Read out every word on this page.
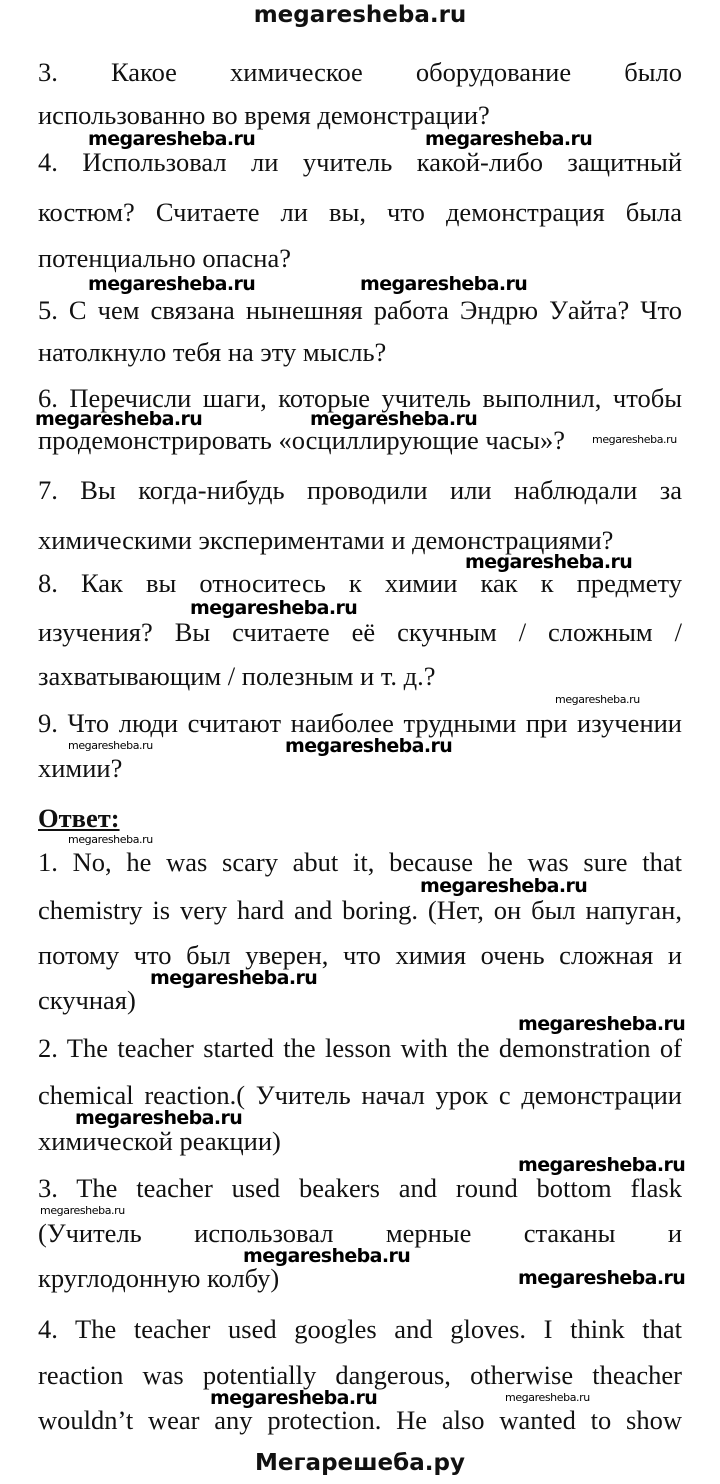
megaresheba.ru
3. Какое химическое оборудование было
использованно во время демонстрации?
4. Использовал ли учитель какой-либо защитный
костюм? Считаете ли вы, что демонстрация была
потенциально опасна?
5. С чем связана нынешняя работа Эндрю Уайта? Что
натолкнуло тебя на эту мысль?
6. Перечисли шаги, которые учитель выполнил, чтобы
продемонстрировать «осциллирующие часы»?
7. Вы когда-нибудь проводили или наблюдали за
химическими экспериментами и демонстрациями?
8. Как вы относитесь к химии как к предмету
изучения? Вы считаете её скучным / сложным /
захватывающим / полезным и т. д.?
9. Что люди считают наиболее трудными при изучении
химии?
Ответ:
1. No, he was scary abut it, because he was sure that
chemistry is very hard and boring. (Нет, он был напуган,
потому что был уверен, что химия очень сложная и
скучная)
2. The teacher started the lesson with the demonstration of
chemical reaction.( Учитель начал урок с демонстрации
химической реакции)
3. The teacher used beakers and round bottom flask
(Учитель использовал мерные стаканы и
круглодонную колбу)
4. The teacher used googles and gloves. I think that
reaction was potentially dangerous, otherwise theacher
wouldn’t wear any protection. He also wanted to show
megaresheba.ru	megaresheba.ru
megaresheba.ru	megaresheba.ru
megaresheba.ru	megaresheba.ru
megaresheba.ru
megaresheba.ru
megaresheba.ru
megaresheba.ru
megaresheba.ru
megaresheba.ru
megaresheba.ru
megaresheba.ru
megaresheba.ru
megaresheba.ru
megaresheba.ru
megaresheba.ru
megaresheba.ru
megaresheba.ru
megaresheba.ru
megaresheba.ru
megaresheba.ru
Мегарешеба.ру
